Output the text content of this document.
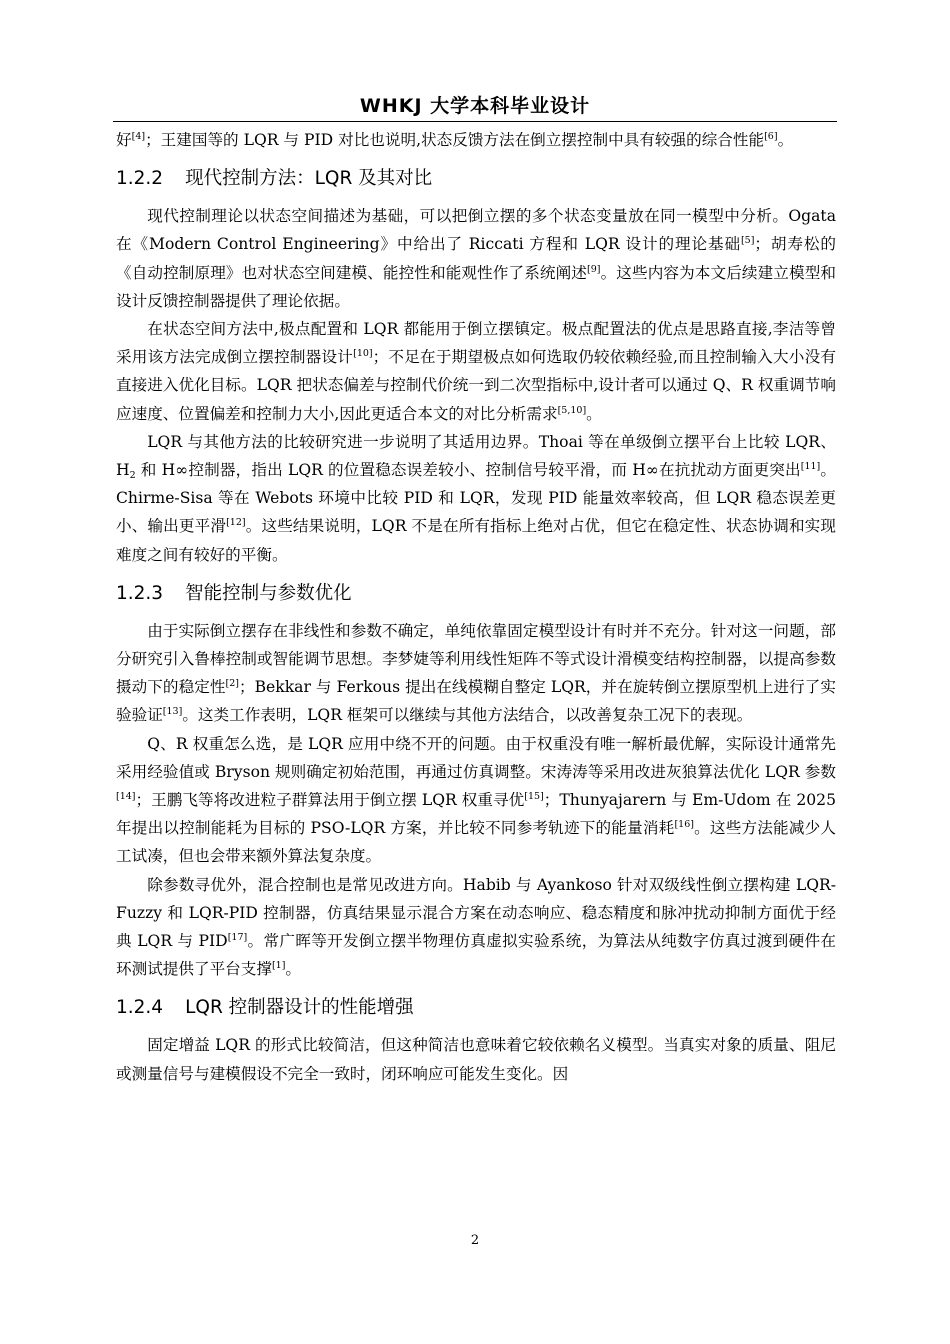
WHKJ 大学本科毕业设计

好[4]；王建国等的 LQR 与 PID 对比也说明,状态反馈方法在倒立摆控制中具有较强的综合性能[6]。

1.2.2 现代控制方法：LQR 及其对比

现代控制理论以状态空间描述为基础，可以把倒立摆的多个状态变量放在同一模型中分析。Ogata 在《Modern Control Engineering》中给出了 Riccati 方程和 LQR 设计的理论基础[5]；胡寿松的《自动控制原理》也对状态空间建模、能控性和能观性作了系统阐述[9]。这些内容为本文后续建立模型和设计反馈控制器提供了理论依据。

在状态空间方法中,极点配置和 LQR 都能用于倒立摆镇定。极点配置法的优点是思路直接,李洁等曾采用该方法完成倒立摆控制器设计[10]；不足在于期望极点如何选取仍较依赖经验,而且控制输入大小没有直接进入优化目标。LQR 把状态偏差与控制代价统一到二次型指标中,设计者可以通过 Q、R 权重调节响应速度、位置偏差和控制力大小,因此更适合本文的对比分析需求[5,10]。

LQR 与其他方法的比较研究进一步说明了其适用边界。Thoai 等在单级倒立摆平台上比较 LQR、$H_2$ 和 H∞控制器，指出 LQR 的位置稳态误差较小、控制信号较平滑，而 H∞在抗扰动方面更突出[11]。Chirme-Sisa 等在 Webots 环境中比较 PID 和 LQR，发现 PID 能量效率较高，但 LQR 稳态误差更小、输出更平滑[12]。这些结果说明，LQR 不是在所有指标上绝对占优，但它在稳定性、状态协调和实现难度之间有较好的平衡。

1.2.3 智能控制与参数优化

由于实际倒立摆存在非线性和参数不确定，单纯依靠固定模型设计有时并不充分。针对这一问题，部分研究引入鲁棒控制或智能调节思想。李梦婕等利用线性矩阵不等式设计滑模变结构控制器，以提高参数摄动下的稳定性[2]；Bekkar 与 Ferkous 提出在线模糊自整定 LQR，并在旋转倒立摆原型机上进行了实验验证[13]。这类工作表明，LQR 框架可以继续与其他方法结合，以改善复杂工况下的表现。

Q、R 权重怎么选，是 LQR 应用中绕不开的问题。由于权重没有唯一解析最优解，实际设计通常先采用经验值或 Bryson 规则确定初始范围，再通过仿真调整。宋涛涛等采用改进灰狼算法优化 LQR 参数[14]；王鹏飞等将改进粒子群算法用于倒立摆 LQR 权重寻优[15]；Thunyajarern 与 Em-Udom 在 2025 年提出以控制能耗为目标的 PSO-LQR 方案，并比较不同参考轨迹下的能量消耗[16]。这些方法能减少人工试凑，但也会带来额外算法复杂度。

除参数寻优外，混合控制也是常见改进方向。Habib 与 Ayankoso 针对双级线性倒立摆构建 LQR-Fuzzy 和 LQR-PID 控制器，仿真结果显示混合方案在动态响应、稳态精度和脉冲扰动抑制方面优于经典 LQR 与 PID[17]。常广晖等开发倒立摆半物理仿真虚拟实验系统，为算法从纯数字仿真过渡到硬件在环测试提供了平台支撑[1]。

1.2.4 LQR 控制器设计的性能增强

固定增益 LQR 的形式比较简洁，但这种简洁也意味着它较依赖名义模型。当真实对象的质量、阻尼或测量信号与建模假设不完全一致时，闭环响应可能发生变化。因

2
